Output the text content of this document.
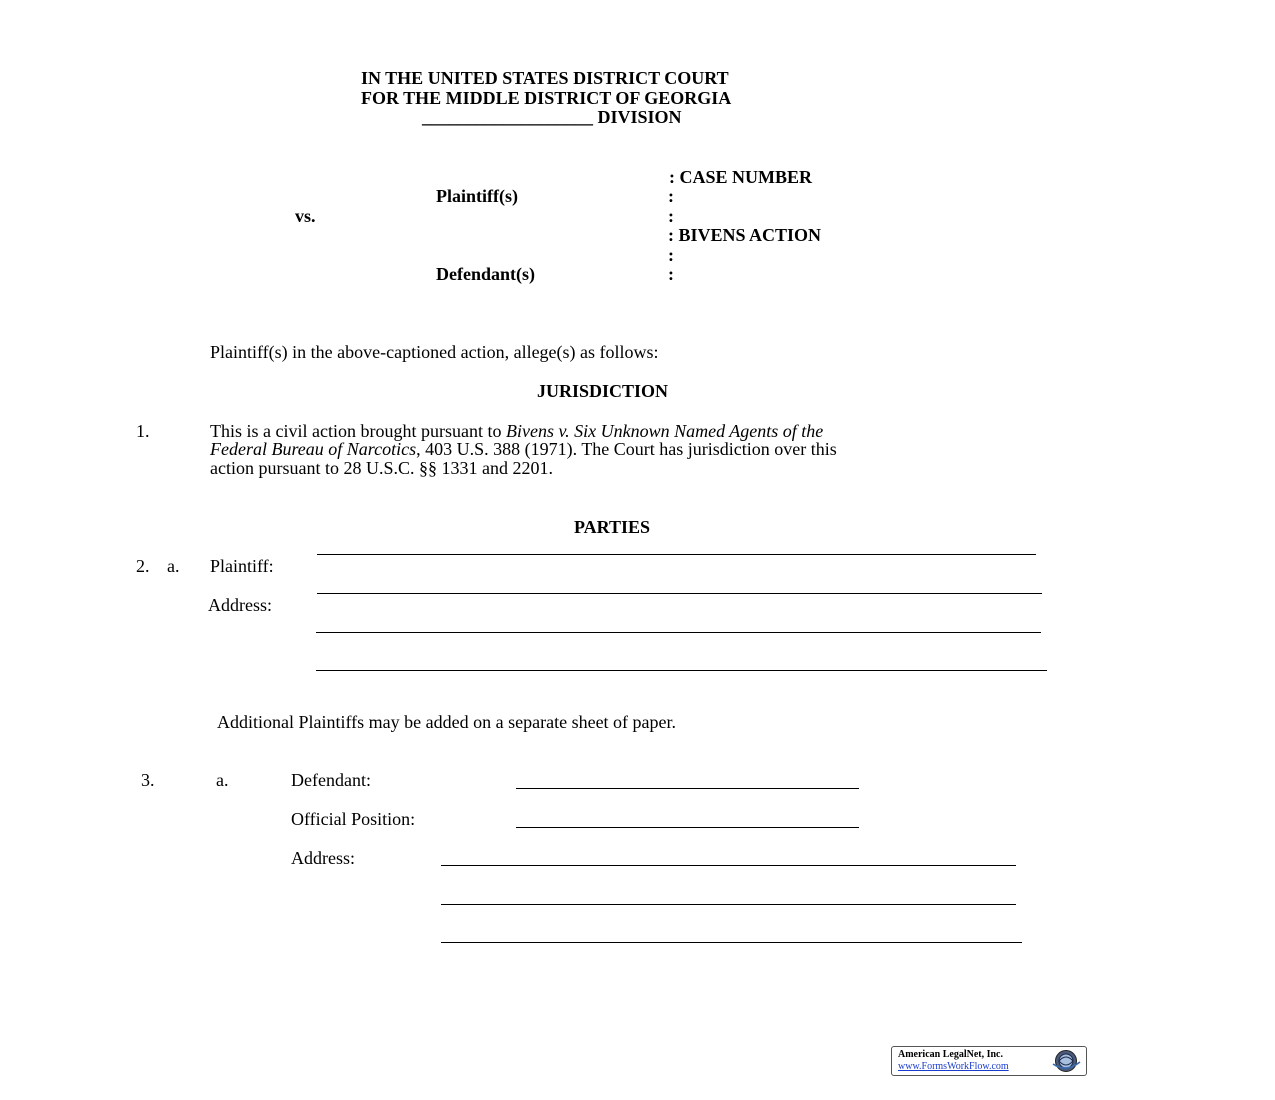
IN THE UNITED STATES DISTRICT COURT
FOR THE MIDDLE DISTRICT OF GEORGIA
___________________ DIVISION
: CASE NUMBER
Plaintiff(s)	:
vs.	:
: BIVENS ACTION
:
Defendant(s)	:
Plaintiff(s) in the above-captioned action, allege(s) as follows:
JURISDICTION
1.	This is a civil action brought pursuant to Bivens v. Six Unknown Named Agents of the
Federal Bureau of Narcotics, 403 U.S. 388 (1971). The Court has jurisdiction over this
action pursuant to 28 U.S.C. §§ 1331 and 2201.
PARTIES
2. a. Plaintiff:
Address:
Additional Plaintiffs may be added on a separate sheet of paper.
3.	a.	Defendant:
Official Position:
Address:
American LegalNet, Inc.
www.FormsWorkFlow.com
